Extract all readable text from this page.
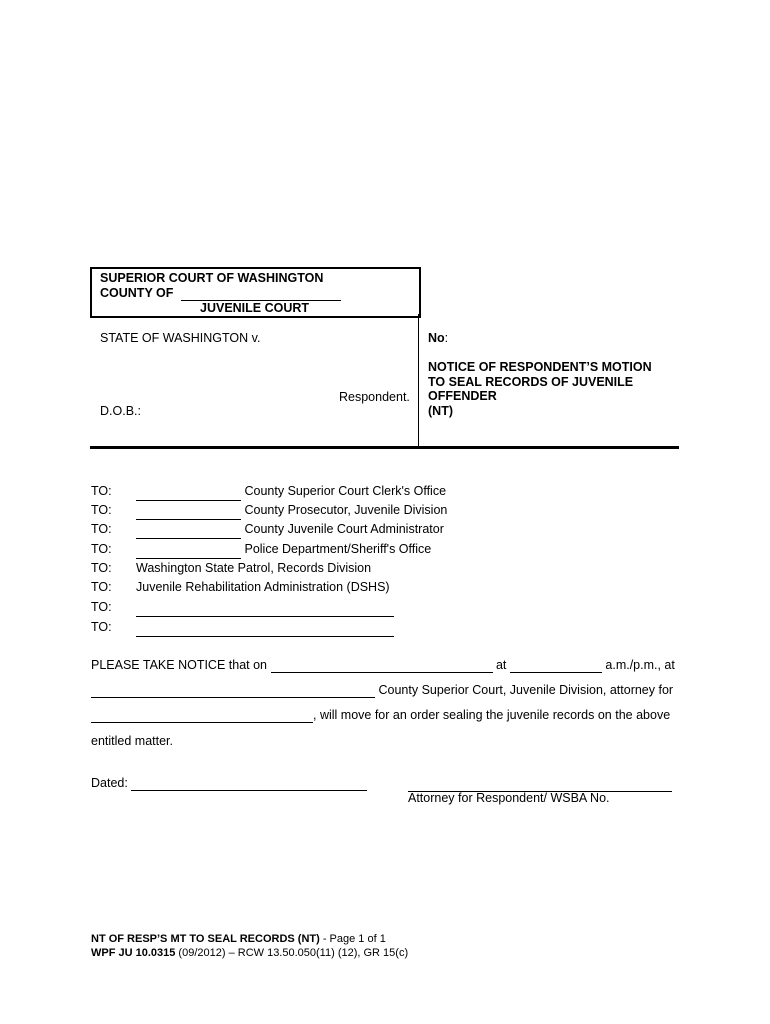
SUPERIOR COURT OF WASHINGTON
COUNTY OF
JUVENILE COURT
STATE OF WASHINGTON v.
Respondent.
D.O.B.:
No:
NOTICE OF RESPONDENT’S MOTION
TO SEAL RECORDS OF JUVENILE
OFFENDER
(NT)
TO:	County Superior Court Clerk's Office
TO:	County Prosecutor, Juvenile Division
TO:	County Juvenile Court Administrator
TO:	Police Department/Sheriff's Office
TO: Washington State Patrol, Records Division
TO: Juvenile Rehabilitation Administration (DSHS)
TO:
TO:
PLEASE TAKE NOTICE that on	at	a.m./p.m., at
County Superior Court, Juvenile Division, attorney for
, will move for an order sealing the juvenile records on the above
entitled matter.
Dated:
Attorney for Respondent/ WSBA No.
NT OF RESP’S MT TO SEAL RECORDS (NT) - Page 1 of 1
WPF JU 10.0315 (09/2012) – RCW 13.50.050(11) (12), GR 15(c)
